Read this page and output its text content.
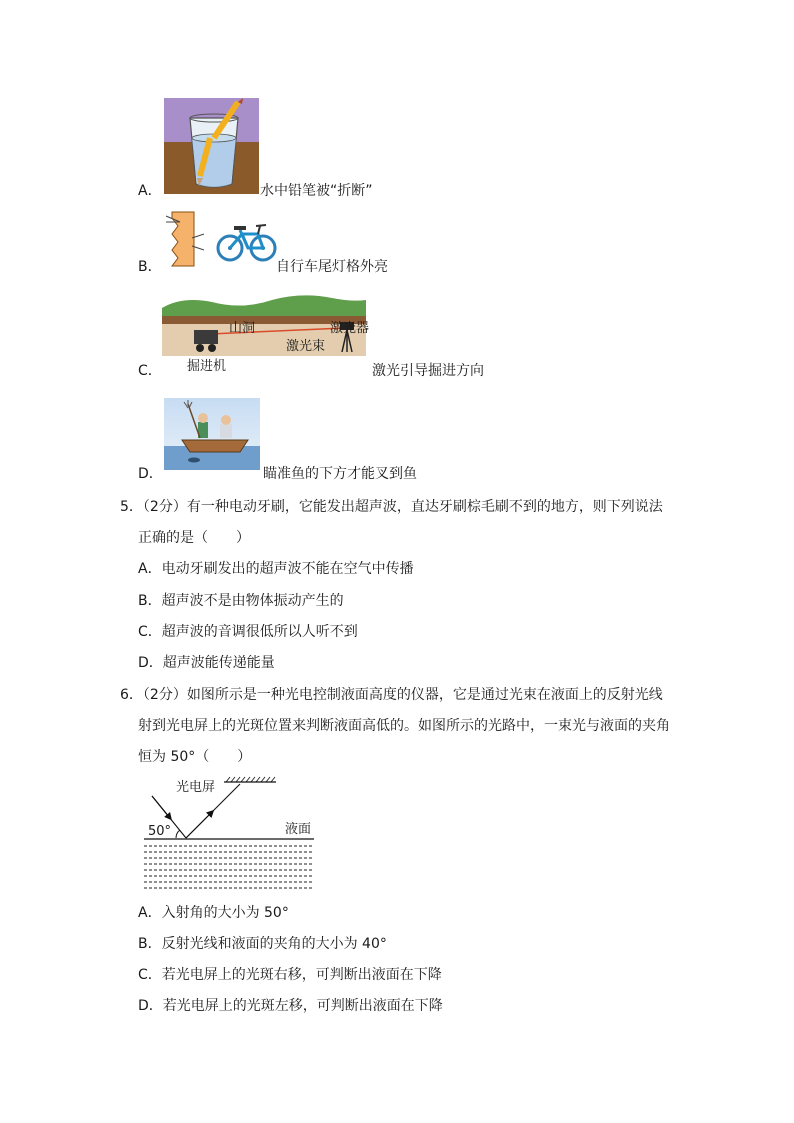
A．	水中铅笔被“折断”
B．	自行车尾灯格外亮
山洞	激光器
激光束
掘进机
C．	激光引导掘进方向
D．	瞄准鱼的下方才能叉到鱼
5．（2分）有一种电动牙刷，它能发出超声波，直达牙刷棕毛刷不到的地方，则下列说法
正确的是（　　）
A．电动牙刷发出的超声波不能在空气中传播
B．超声波不是由物体振动产生的
C．超声波的音调很低所以人听不到
D．超声波能传递能量
6．（2分）如图所示是一种光电控制液面高度的仪器，它是通过光束在液面上的反射光线
射到光电屏上的光斑位置来判断液面高低的。如图所示的光路中，一束光与液面的夹角
恒为 50°（　　）
光电屏
50°	液面
A．入射角的大小为 50°
B．反射光线和液面的夹角的大小为 40°
C．若光电屏上的光斑右移，可判断出液面在下降
D．若光电屏上的光斑左移，可判断出液面在下降
